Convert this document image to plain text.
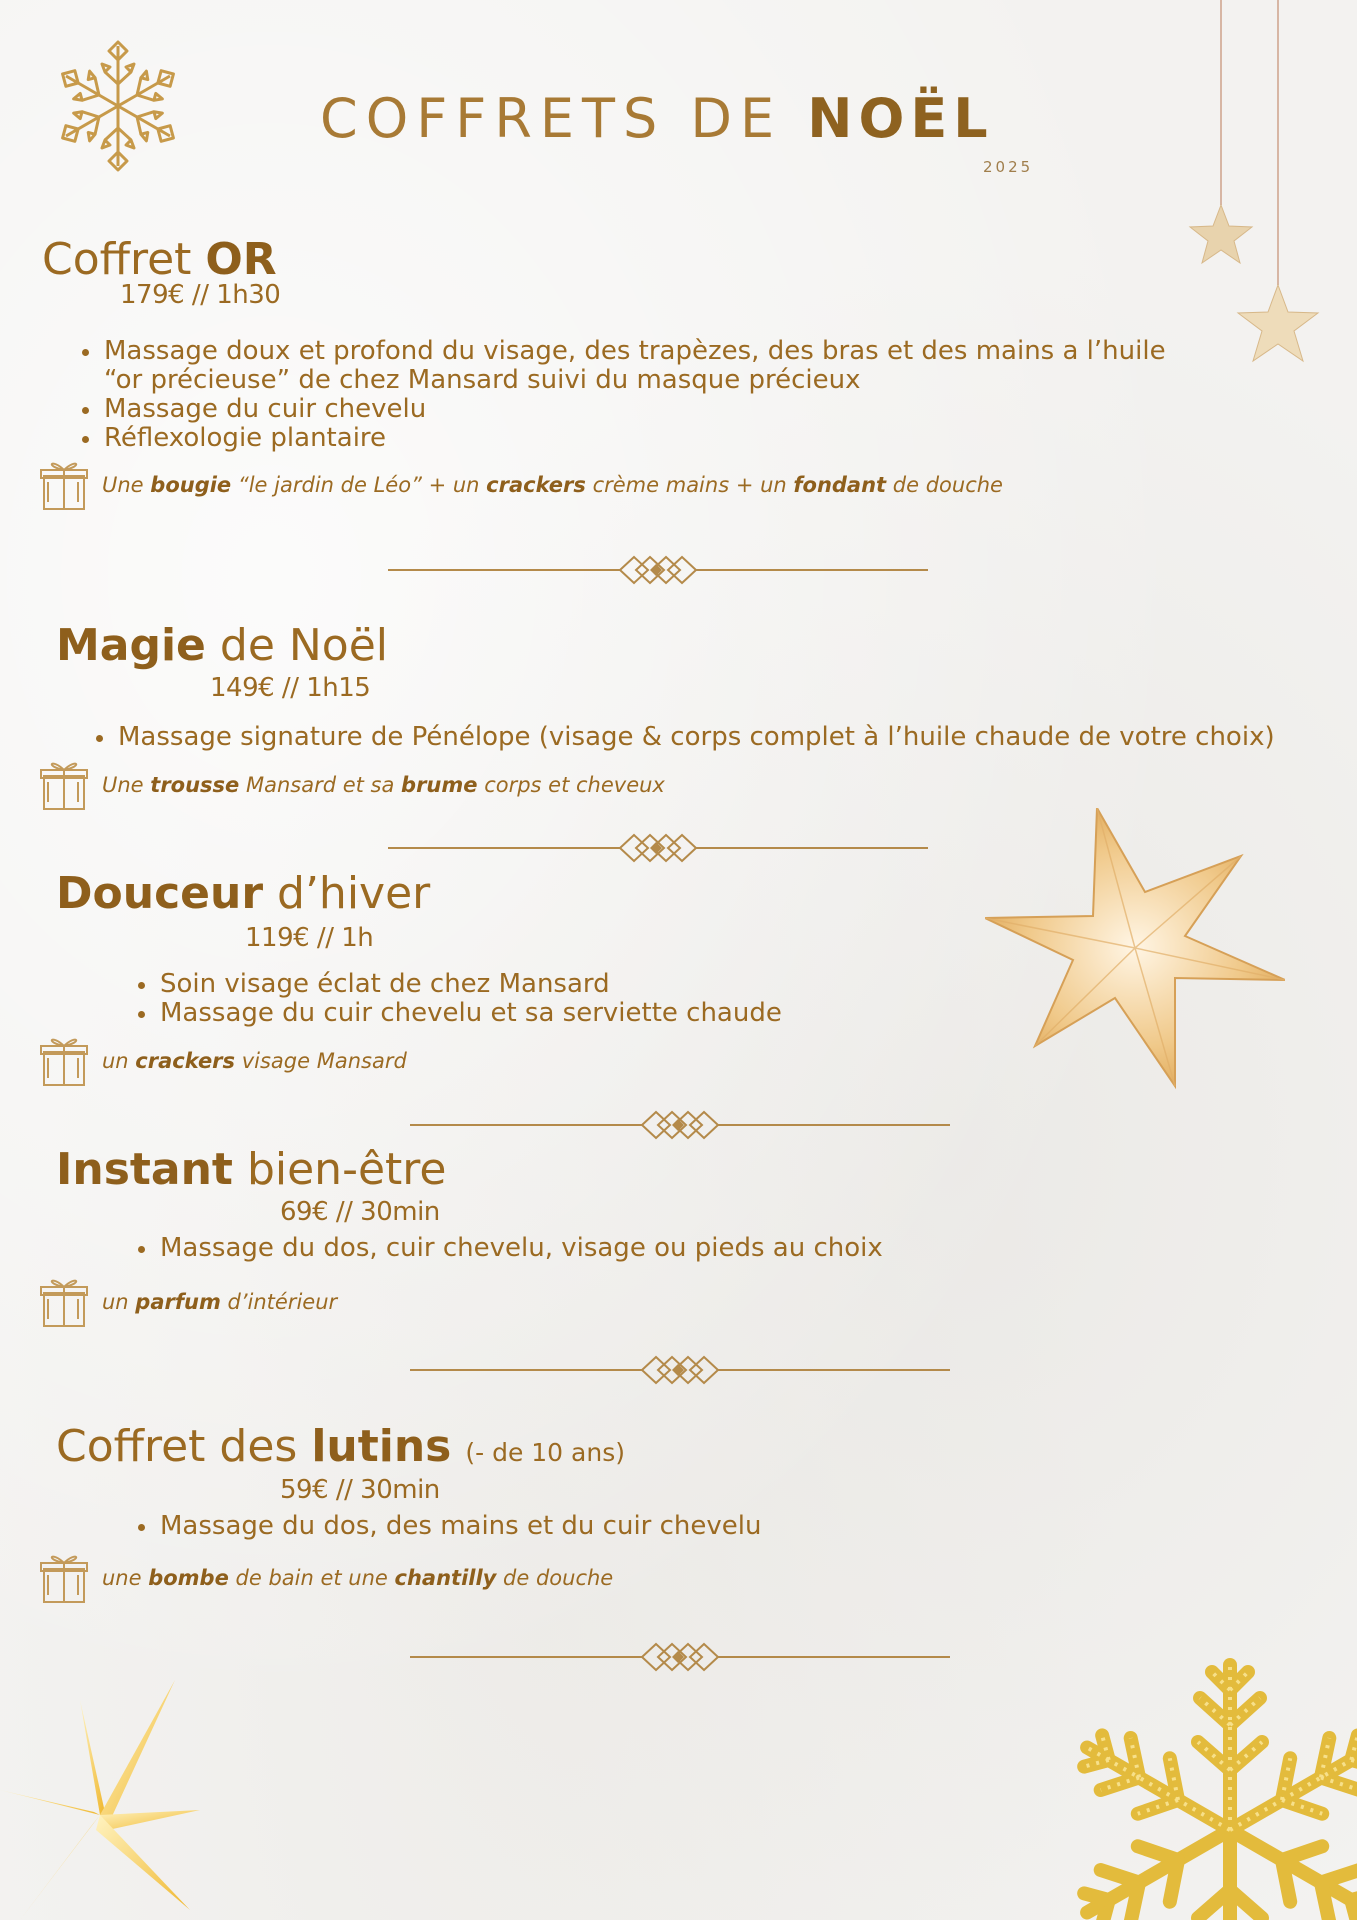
COFFRETS DE NOËL
2025
Coffret OR
179€ // 1h30
Massage doux et profond du visage, des trapèzes, des bras et des mains a l’huile “or précieuse” de chez Mansard suivi du masque précieux
Massage du cuir chevelu
Réflexologie plantaire
Une bougie “le jardin de Léo” + un crackers crème mains + un fondant de douche
Magie de Noël
149€ // 1h15
Massage signature de Pénélope (visage & corps complet à l’huile chaude de votre choix)
Une trousse Mansard et sa brume corps et cheveux
Douceur d’hiver
119€ // 1h
Soin visage éclat de chez Mansard
Massage du cuir chevelu et sa serviette chaude
un crackers visage Mansard
Instant bien-être
69€ // 30min
Massage du dos, cuir chevelu, visage ou pieds au choix
un parfum d’intérieur
Coffret des lutins (- de 10 ans)
59€ // 30min
Massage du dos, des mains et du cuir chevelu
une bombe de bain et une chantilly de douche
